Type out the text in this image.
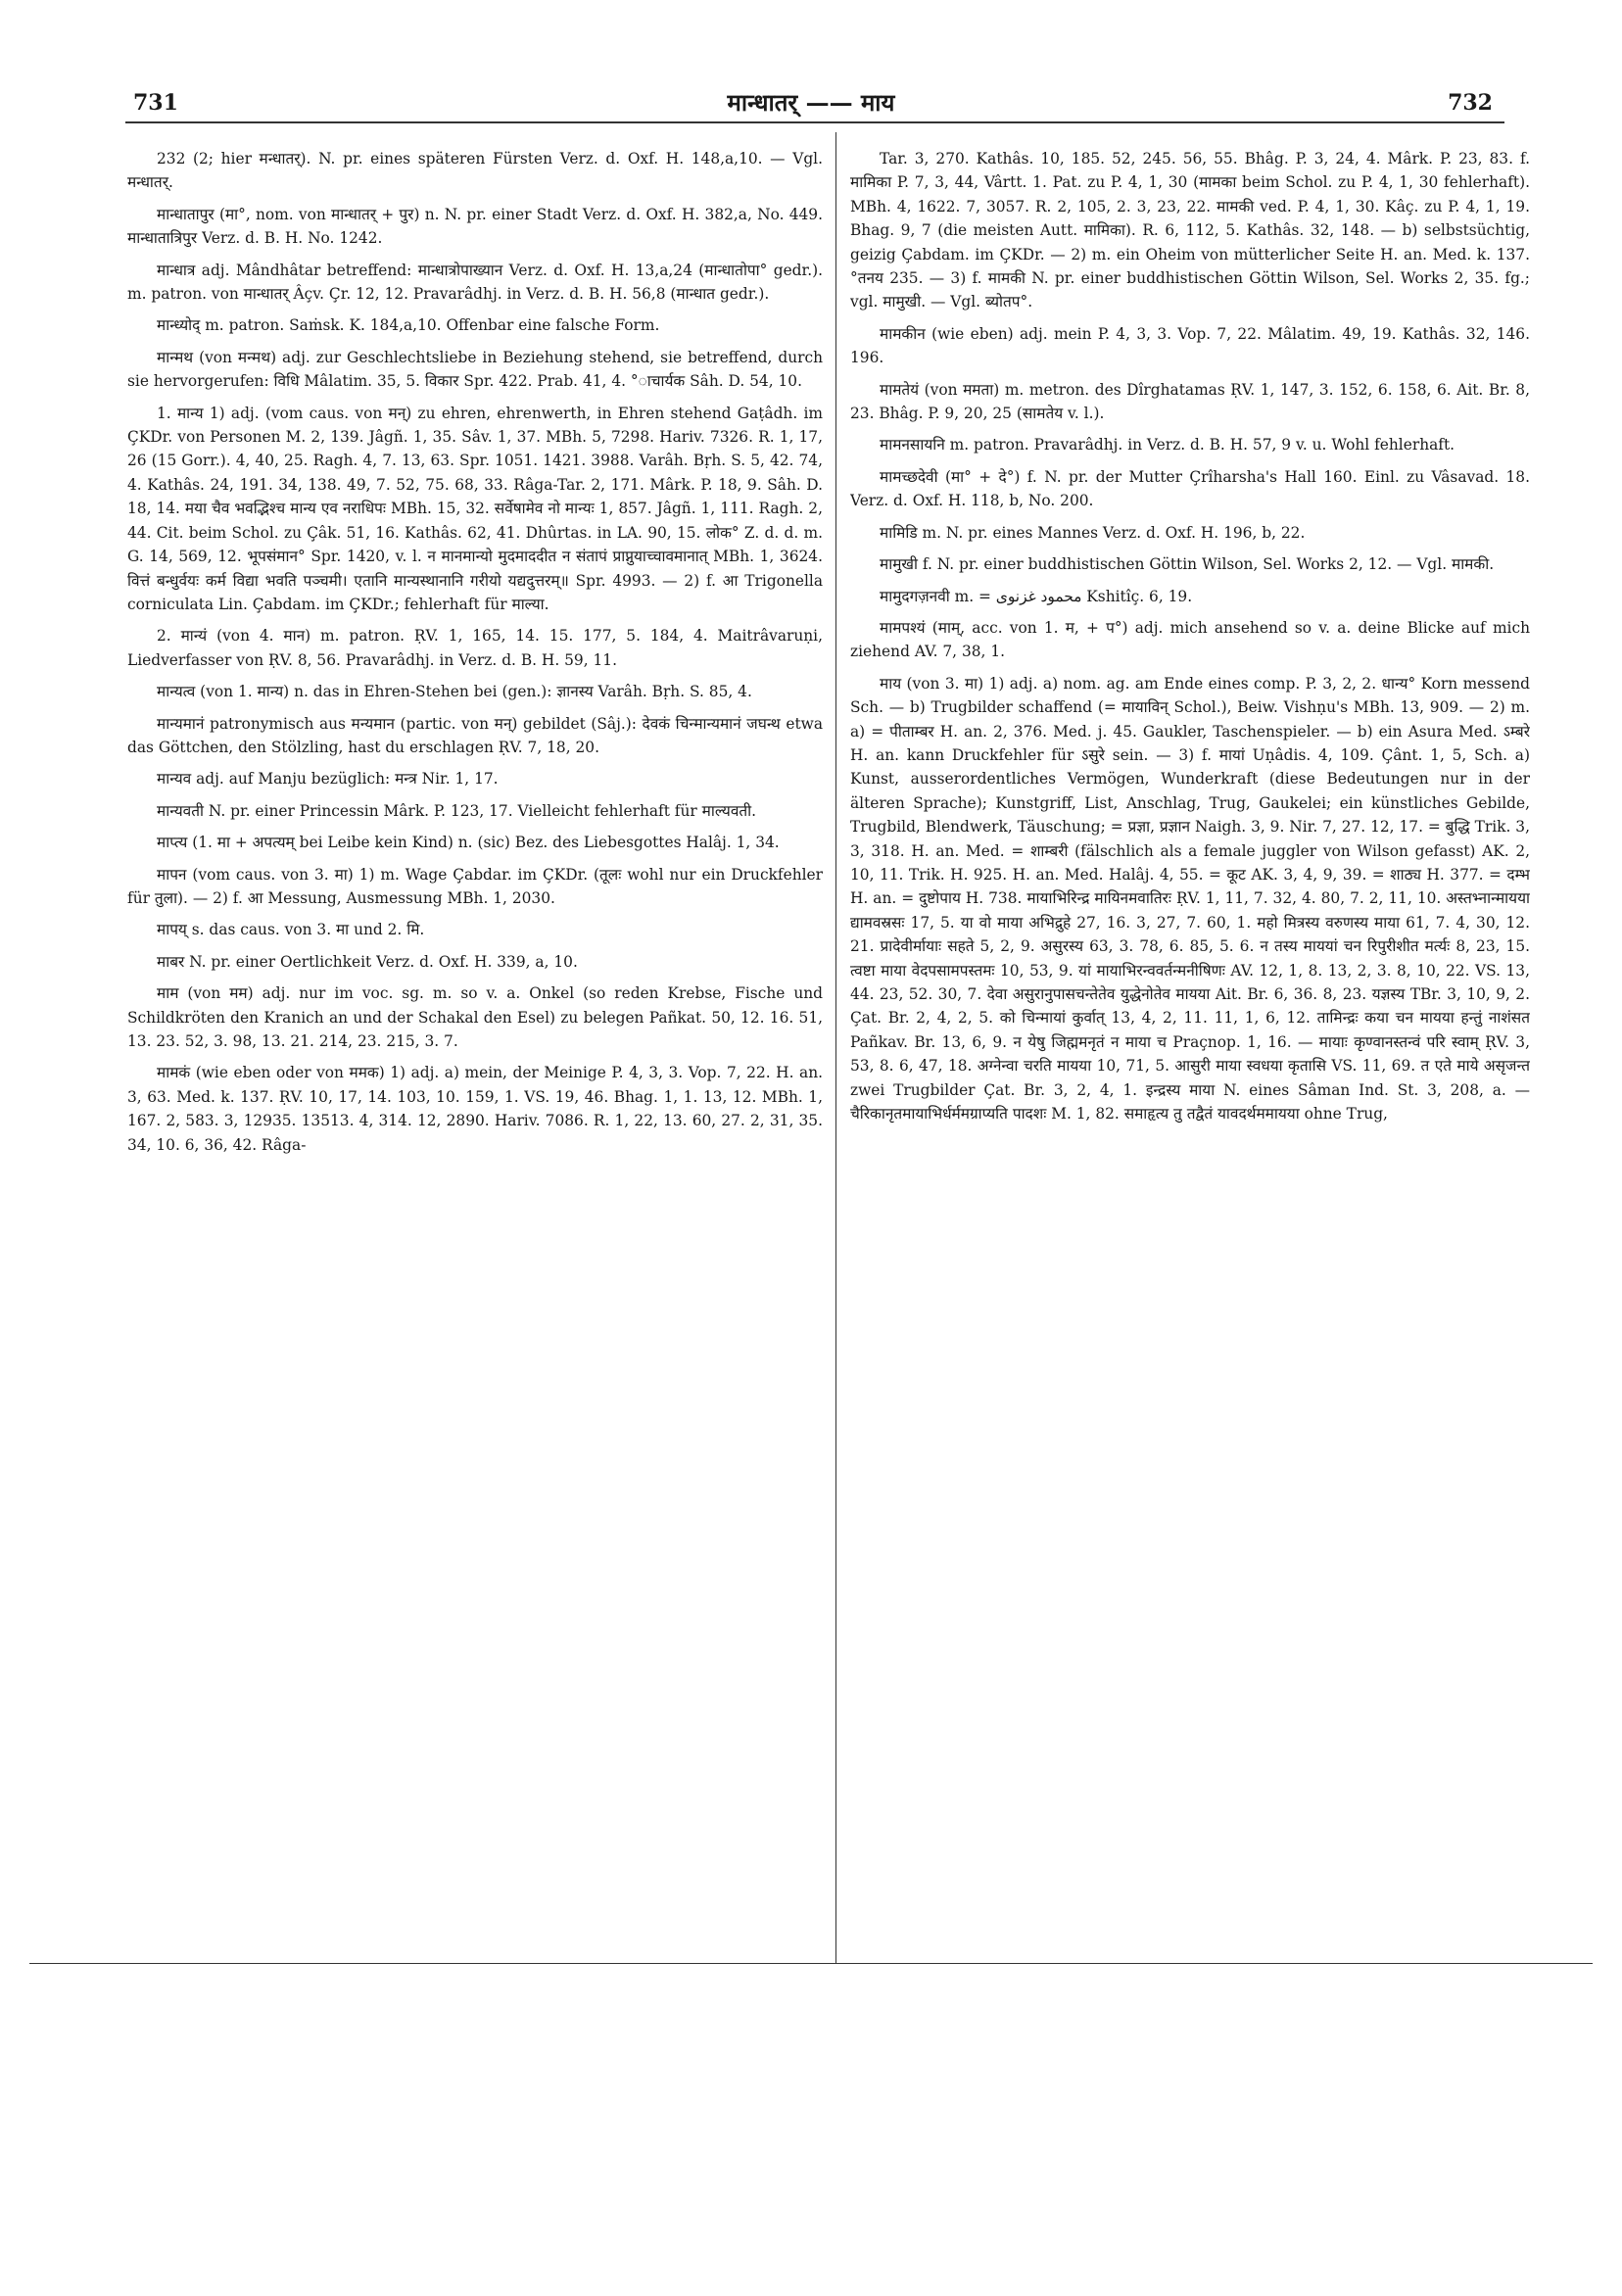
731	मान्धातर् —— माय	732

232 (2; hier मन्धातर्). N. pr. eines späteren Fürsten Verz. d. Oxf. H. 148,a,10. — Vgl. मन्धातर्.

मान्धातापुर (मा°, nom. von मान्धातर् + पुर) n. N. pr. einer Stadt Verz. d. Oxf. H. 382,a, No. 449. मान्धातात्रिपुर Verz. d. B. H. No. 1242.

मान्धात्र adj. Mândhâtar betreffend: मान्धात्रोपाख्यान Verz. d. Oxf. H. 13,a,24 (मान्धातोपा° gedr.). m. patron. von मान्धातर् Âçv. Çr. 12, 12. Pravarâdhj. in Verz. d. B. H. 56,8 (मान्धात gedr.).

मान्ध्योद् m. patron. Saṁsk. K. 184,a,10. Offenbar eine falsche Form.

मान्मथ (von मन्मथ) adj. zur Geschlechtsliebe in Beziehung stehend, sie betreffend, durch sie hervorgerufen: विधि Mâlatim. 35, 5. विकार Spr. 422. Prab. 41, 4. °ाचार्यक Sâh. D. 54, 10.

1. मान्य 1) adj. (vom caus. von मन्) zu ehren, ehrenwerth, in Ehren stehend Gaṭâdh. im ÇKDr. von Personen M. 2, 139. Jâgñ. 1, 35. Sâv. 1, 37. MBh. 5, 7298. Hariv. 7326. R. 1, 17, 26 (15 Gorr.). 4, 40, 25. Ragh. 4, 7. 13, 63. Spr. 1051. 1421. 3988. Varâh. Bṛh. S. 5, 42. 74, 4. Kathâs. 24, 191. 34, 138. 49, 7. 52, 75. 68, 33. Râga-Tar. 2, 171. Mârk. P. 18, 9. Sâh. D. 18, 14. मया चैव भवद्भिश्च मान्य एव नराधिपः MBh. 15, 32. सर्वेषामेव नो मान्यः 1, 857. Jâgñ. 1, 111. Ragh. 2, 44. Cit. beim Schol. zu Çâk. 51, 16. Kathâs. 62, 41. Dhûrtas. in LA. 90, 15. लोक° Z. d. d. m. G. 14, 569, 12. भूपसंमान° Spr. 1420, v. l. न मानमान्यो मुदमाददीत न संतापं प्राप्नुयाच्चावमानात् MBh. 1, 3624. वित्तं बन्धुर्वयः कर्म विद्या भवति पञ्चमी। एतानि मान्यस्थानानि गरीयो यद्यदुत्तरम्॥ Spr. 4993. — 2) f. आ Trigonella corniculata Lin. Çabdam. im ÇKDr.; fehlerhaft für माल्या.

2. मान्यं (von 4. मान) m. patron. ṚV. 1, 165, 14. 15. 177, 5. 184, 4. Maitrâvaruṇi, Liedverfasser von ṚV. 8, 56. Pravarâdhj. in Verz. d. B. H. 59, 11.

मान्यत्व (von 1. मान्य) n. das in Ehren-Stehen bei (gen.): ज्ञानस्य Varâh. Bṛh. S. 85, 4.

मान्यमानं patronymisch aus मन्यमान (partic. von मन्) gebildet (Sâj.): देवकं चिन्मान्यमानं जघन्थ etwa das Göttchen, den Stölzling, hast du erschlagen ṚV. 7, 18, 20.

मान्यव adj. auf Manju bezüglich: मन्त्र Nir. 1, 17.

मान्यवती N. pr. einer Princessin Mârk. P. 123, 17. Vielleicht fehlerhaft für माल्यवती.

माप्त्य (1. मा + अपत्यम् bei Leibe kein Kind) n. (sic) Bez. des Liebesgottes Halâj. 1, 34.

मापन (vom caus. von 3. मा) 1) m. Wage Çabdar. im ÇKDr. (तूलः wohl nur ein Druckfehler für तुला). — 2) f. आ Messung, Ausmessung MBh. 1, 2030.

मापय् s. das caus. von 3. मा und 2. मि.

माबर N. pr. einer Oertlichkeit Verz. d. Oxf. H. 339, a, 10.

माम (von मम) adj. nur im voc. sg. m. so v. a. Onkel (so reden Krebse, Fische und Schildkröten den Kranich an und der Schakal den Esel) zu belegen Pañkat. 50, 12. 16. 51, 13. 23. 52, 3. 98, 13. 21. 214, 23. 215, 3. 7.

मामकं (wie eben oder von ममक) 1) adj. a) mein, der Meinige P. 4, 3, 3. Vop. 7, 22. H. an. 3, 63. Med. k. 137. ṚV. 10, 17, 14. 103, 10. 159, 1. VS. 19, 46. Bhag. 1, 1. 13, 12. MBh. 1, 167. 2, 583. 3, 12935. 13513. 4, 314. 12, 2890. Hariv. 7086. R. 1, 22, 13. 60, 27. 2, 31, 35. 34, 10. 6, 36, 42. Râga-

Tar. 3, 270. Kathâs. 10, 185. 52, 245. 56, 55. Bhâg. P. 3, 24, 4. Mârk. P. 23, 83. f. मामिका P. 7, 3, 44, Vârtt. 1. Pat. zu P. 4, 1, 30 (मामका beim Schol. zu P. 4, 1, 30 fehlerhaft). MBh. 4, 1622. 7, 3057. R. 2, 105, 2. 3, 23, 22. मामकी ved. P. 4, 1, 30. Kâç. zu P. 4, 1, 19. Bhag. 9, 7 (die meisten Autt. मामिका). R. 6, 112, 5. Kathâs. 32, 148. — b) selbstsüchtig, geizig Çabdam. im ÇKDr. — 2) m. ein Oheim von mütterlicher Seite H. an. Med. k. 137. °तनय 235. — 3) f. मामकी N. pr. einer buddhistischen Göttin Wilson, Sel. Works 2, 35. fg.; vgl. मामुखी. — Vgl. ब्योतप°.

मामकीन (wie eben) adj. mein P. 4, 3, 3. Vop. 7, 22. Mâlatim. 49, 19. Kathâs. 32, 146. 196.

मामतेयं (von ममता) m. metron. des Dîrghatamas ṚV. 1, 147, 3. 152, 6. 158, 6. Ait. Br. 8, 23. Bhâg. P. 9, 20, 25 (सामतेय v. l.).

मामनसायनि m. patron. Pravarâdhj. in Verz. d. B. H. 57, 9 v. u. Wohl fehlerhaft.

मामच्छदेवी (मा° + दे°) f. N. pr. der Mutter Çrîharsha's Hall 160. Einl. zu Vâsavad. 18. Verz. d. Oxf. H. 118, b, No. 200.

मामिडि m. N. pr. eines Mannes Verz. d. Oxf. H. 196, b, 22.

मामुखी f. N. pr. einer buddhistischen Göttin Wilson, Sel. Works 2, 12. — Vgl. मामकी.

मामुदगज़नवी m. = محمود غزنوی Kshitîç. 6, 19.

मामपश्यं (माम्, acc. von 1. म, + प°) adj. mich ansehend so v. a. deine Blicke auf mich ziehend AV. 7, 38, 1.

माय (von 3. मा) 1) adj. a) nom. ag. am Ende eines comp. P. 3, 2, 2. धान्य° Korn messend Sch. — b) Trugbilder schaffend (= मायाविन् Schol.), Beiw. Vishṇu's MBh. 13, 909. — 2) m. a) = पीताम्बर H. an. 2, 376. Med. j. 45. Gaukler, Taschenspieler. — b) ein Asura Med. ऽम्बरे H. an. kann Druckfehler für ऽसुरे sein. — 3) f. मायां Uṇâdis. 4, 109. Çânt. 1, 5, Sch. a) Kunst, ausserordentliches Vermögen, Wunderkraft (diese Bedeutungen nur in der älteren Sprache); Kunstgriff, List, Anschlag, Trug, Gaukelei; ein künstliches Gebilde, Trugbild, Blendwerk, Täuschung; = प्रज्ञा, प्रज्ञान Naigh. 3, 9. Nir. 7, 27. 12, 17. = बुद्धि Trik. 3, 3, 318. H. an. Med. = शाम्बरी (fälschlich als a female juggler von Wilson gefasst) AK. 2, 10, 11. Trik. H. 925. H. an. Med. Halâj. 4, 55. = कूट AK. 3, 4, 9, 39. = शाठ्य H. 377. = दम्भ H. an. = दुष्टोपाय H. 738. मायाभिरिन्द्र मायिनमवातिरः ṚV. 1, 11, 7. 32, 4. 80, 7. 2, 11, 10. अस्तभ्नान्मायया द्यामवस्रसः 17, 5. या वो माया अभिद्रुहे 27, 16. 3, 27, 7. 60, 1. महो मित्रस्य वरुणस्य माया 61, 7. 4, 30, 12. 21. प्रादेवीर्मायाः सहते 5, 2, 9. असुरस्य 63, 3. 78, 6. 85, 5. 6. न तस्य माययां चन रिपुरीशीत मर्त्यः 8, 23, 15. त्वष्टा माया वेदपसामपस्तमः 10, 53, 9. यां मायाभिरन्ववर्तन्मनीषिणः AV. 12, 1, 8. 13, 2, 3. 8, 10, 22. VS. 13, 44. 23, 52. 30, 7. देवा असुरानुपासचन्तेतेव युद्धेनोतेव मायया Ait. Br. 6, 36. 8, 23. यज्ञस्य TBr. 3, 10, 9, 2. Çat. Br. 2, 4, 2, 5. को चिन्मायां कुर्वात् 13, 4, 2, 11. 11, 1, 6, 12. तामिन्द्रः कया चन मायया हन्तुं नाशंसत Pañkav. Br. 13, 6, 9. न येषु जिह्ममनृतं न माया च Praçnop. 1, 16. — मायाः कृण्वानस्तन्वं परि स्वाम् ṚV. 3, 53, 8. 6, 47, 18. अग्नेन्वा चरति मायया 10, 71, 5. आसुरी माया स्वधया कृतासि VS. 11, 69. त एते माये असृजन्त zwei Trugbilder Çat. Br. 3, 2, 4, 1. इन्द्रस्य माया N. eines Sâman Ind. St. 3, 208, a. — चैरिकानृतमायाभिर्धर्ममग्राप्यति पादशः M. 1, 82. समाहृत्य तु तद्वैतं यावदर्थममायया ohne Trug,
